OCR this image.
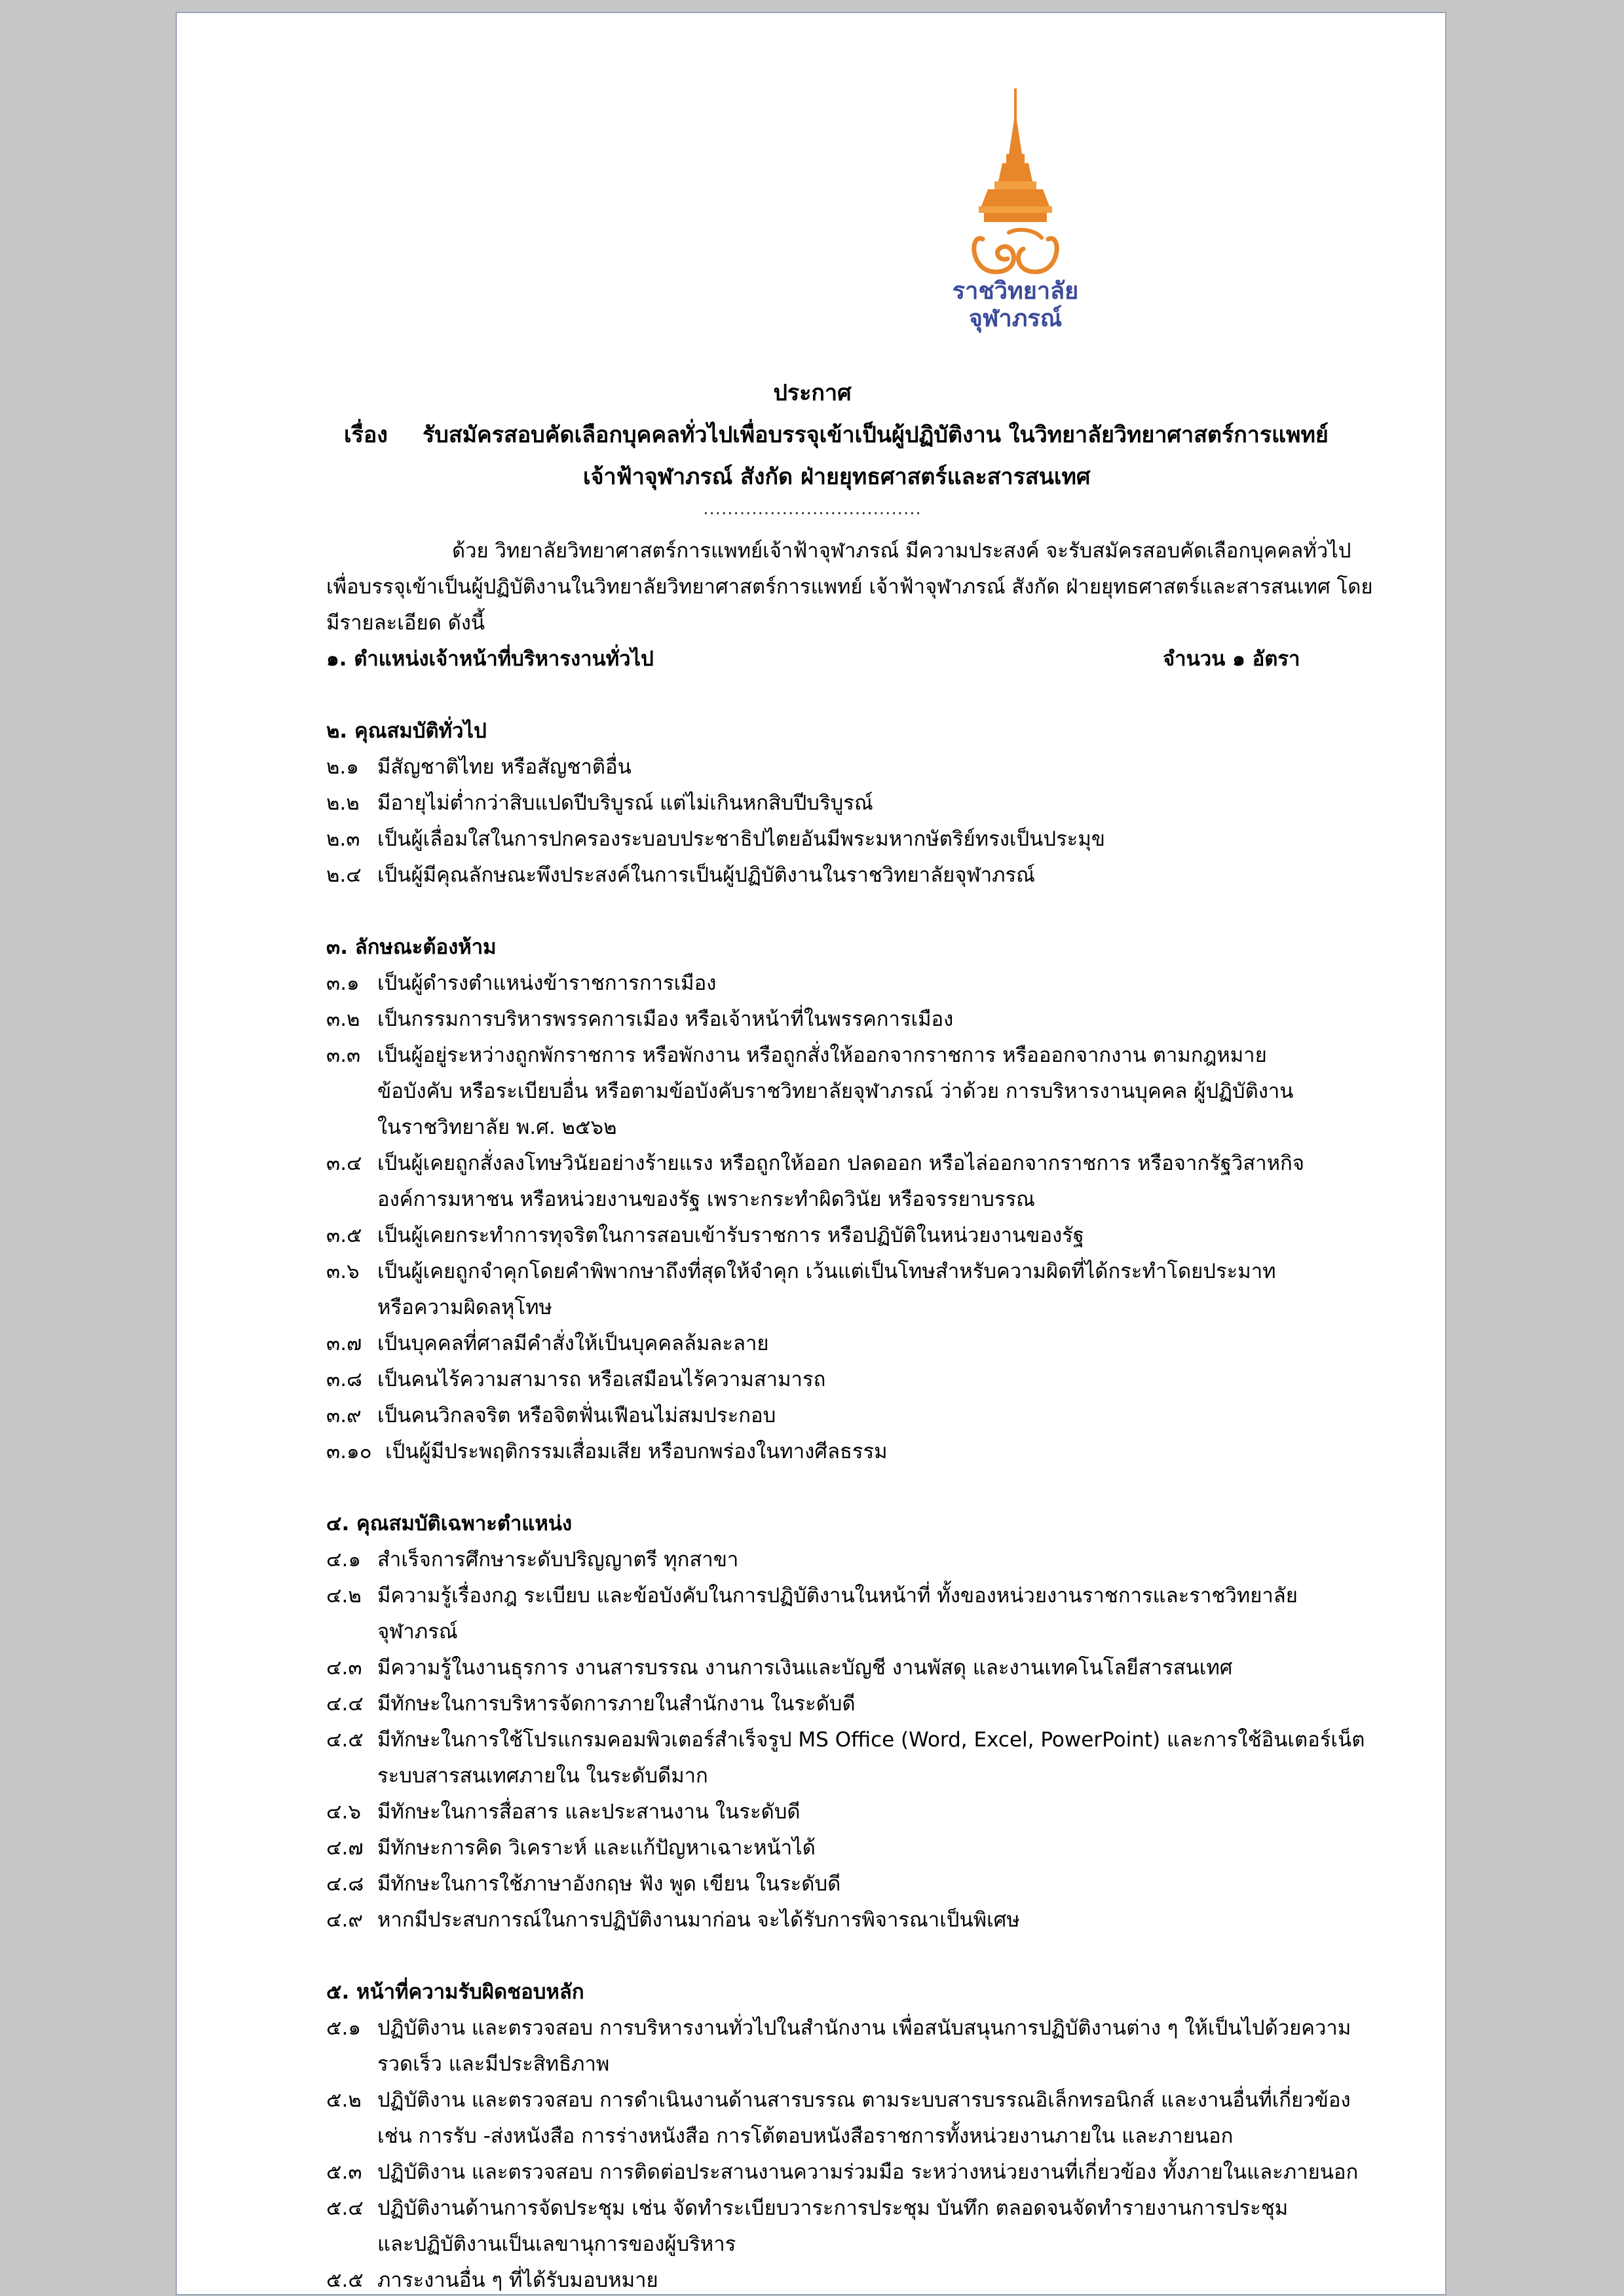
ราชวิทยาลัย
จุฬาภรณ์
ประกาศ
เรื่อง รับสมัครสอบคัดเลือกบุคคลทั่วไปเพื่อบรรจุเข้าเป็นผู้ปฏิบัติงาน ในวิทยาลัยวิทยาศาสตร์การแพทย์
เจ้าฟ้าจุฬาภรณ์ สังกัด ฝ่ายยุทธศาสตร์และสารสนเทศ
....................................
ด้วย วิทยาลัยวิทยาศาสตร์การแพทย์เจ้าฟ้าจุฬาภรณ์ มีความประสงค์ จะรับสมัครสอบคัดเลือกบุคคลทั่วไป
เพื่อบรรจุเข้าเป็นผู้ปฏิบัติงานในวิทยาลัยวิทยาศาสตร์การแพทย์ เจ้าฟ้าจุฬาภรณ์ สังกัด ฝ่ายยุทธศาสตร์และสารสนเทศ โดย
มีรายละเอียด ดังนี้
๑. ตำแหน่งเจ้าหน้าที่บริหารงานทั่วไป	จำนวน ๑ อัตรา
๒. คุณสมบัติทั่วไป
๒.๑ มีสัญชาติไทย หรือสัญชาติอื่น
๒.๒ มีอายุไม่ต่ำกว่าสิบแปดปีบริบูรณ์ แต่ไม่เกินหกสิบปีบริบูรณ์
๒.๓ เป็นผู้เลื่อมใสในการปกครองระบอบประชาธิปไตยอันมีพระมหากษัตริย์ทรงเป็นประมุข
๒.๔ เป็นผู้มีคุณลักษณะพึงประสงค์ในการเป็นผู้ปฏิบัติงานในราชวิทยาลัยจุฬาภรณ์
๓. ลักษณะต้องห้าม
๓.๑ เป็นผู้ดำรงตำแหน่งข้าราชการการเมือง
๓.๒ เป็นกรรมการบริหารพรรคการเมือง หรือเจ้าหน้าที่ในพรรคการเมือง
๓.๓ เป็นผู้อยู่ระหว่างถูกพักราชการ หรือพักงาน หรือถูกสั่งให้ออกจากราชการ หรือออกจากงาน ตามกฎหมาย
ข้อบังคับ หรือระเบียบอื่น หรือตามข้อบังคับราชวิทยาลัยจุฬาภรณ์ ว่าด้วย การบริหารงานบุคคล ผู้ปฏิบัติงาน
ในราชวิทยาลัย พ.ศ. ๒๕๖๒
๓.๔ เป็นผู้เคยถูกสั่งลงโทษวินัยอย่างร้ายแรง หรือถูกให้ออก ปลดออก หรือไล่ออกจากราชการ หรือจากรัฐวิสาหกิจ
องค์การมหาชน หรือหน่วยงานของรัฐ เพราะกระทำผิดวินัย หรือจรรยาบรรณ
๓.๕ เป็นผู้เคยกระทำการทุจริตในการสอบเข้ารับราชการ หรือปฏิบัติในหน่วยงานของรัฐ
๓.๖ เป็นผู้เคยถูกจำคุกโดยคำพิพากษาถึงที่สุดให้จำคุก เว้นแต่เป็นโทษสำหรับความผิดที่ได้กระทำโดยประมาท
หรือความผิดลหุโทษ
๓.๗ เป็นบุคคลที่ศาลมีคำสั่งให้เป็นบุคคลล้มละลาย
๓.๘ เป็นคนไร้ความสามารถ หรือเสมือนไร้ความสามารถ
๓.๙ เป็นคนวิกลจริต หรือจิตฟั่นเฟือนไม่สมประกอบ
๓.๑๐ เป็นผู้มีประพฤติกรรมเสื่อมเสีย หรือบกพร่องในทางศีลธรรม
๔. คุณสมบัติเฉพาะตำแหน่ง
๔.๑ สำเร็จการศึกษาระดับปริญญาตรี ทุกสาขา
๔.๒ มีความรู้เรื่องกฎ ระเบียบ และข้อบังคับในการปฏิบัติงานในหน้าที่ ทั้งของหน่วยงานราชการและราชวิทยาลัย
จุฬาภรณ์
๔.๓ มีความรู้ในงานธุรการ งานสารบรรณ งานการเงินและบัญชี งานพัสดุ และงานเทคโนโลยีสารสนเทศ
๔.๔ มีทักษะในการบริหารจัดการภายในสำนักงาน ในระดับดี
๔.๕ มีทักษะในการใช้โปรแกรมคอมพิวเตอร์สำเร็จรูป MS Office (Word, Excel, PowerPoint) และการใช้อินเตอร์เน็ต
ระบบสารสนเทศภายใน ในระดับดีมาก
๔.๖ มีทักษะในการสื่อสาร และประสานงาน ในระดับดี
๔.๗ มีทักษะการคิด วิเคราะห์ และแก้ปัญหาเฉาะหน้าได้
๔.๘ มีทักษะในการใช้ภาษาอังกฤษ ฟัง พูด เขียน ในระดับดี
๔.๙ หากมีประสบการณ์ในการปฏิบัติงานมาก่อน จะได้รับการพิจารณาเป็นพิเศษ
๕. หน้าที่ความรับผิดชอบหลัก
๕.๑ ปฏิบัติงาน และตรวจสอบ การบริหารงานทั่วไปในสำนักงาน เพื่อสนับสนุนการปฏิบัติงานต่าง ๆ ให้เป็นไปด้วยความ
รวดเร็ว และมีประสิทธิภาพ
๕.๒ ปฏิบัติงาน และตรวจสอบ การดำเนินงานด้านสารบรรณ ตามระบบสารบรรณอิเล็กทรอนิกส์ และงานอื่นที่เกี่ยวข้อง
เช่น การรับ -ส่งหนังสือ การร่างหนังสือ การโต้ตอบหนังสือราชการทั้งหน่วยงานภายใน และภายนอก
๕.๓ ปฏิบัติงาน และตรวจสอบ การติดต่อประสานงานความร่วมมือ ระหว่างหน่วยงานที่เกี่ยวข้อง ทั้งภายในและภายนอก
๕.๔ ปฏิบัติงานด้านการจัดประชุม เช่น จัดทำระเบียบวาระการประชุม บันทึก ตลอดจนจัดทำรายงานการประชุม
และปฏิบัติงานเป็นเลขานุการของผู้บริหาร
๕.๕ ภาระงานอื่น ๆ ที่ได้รับมอบหมาย
